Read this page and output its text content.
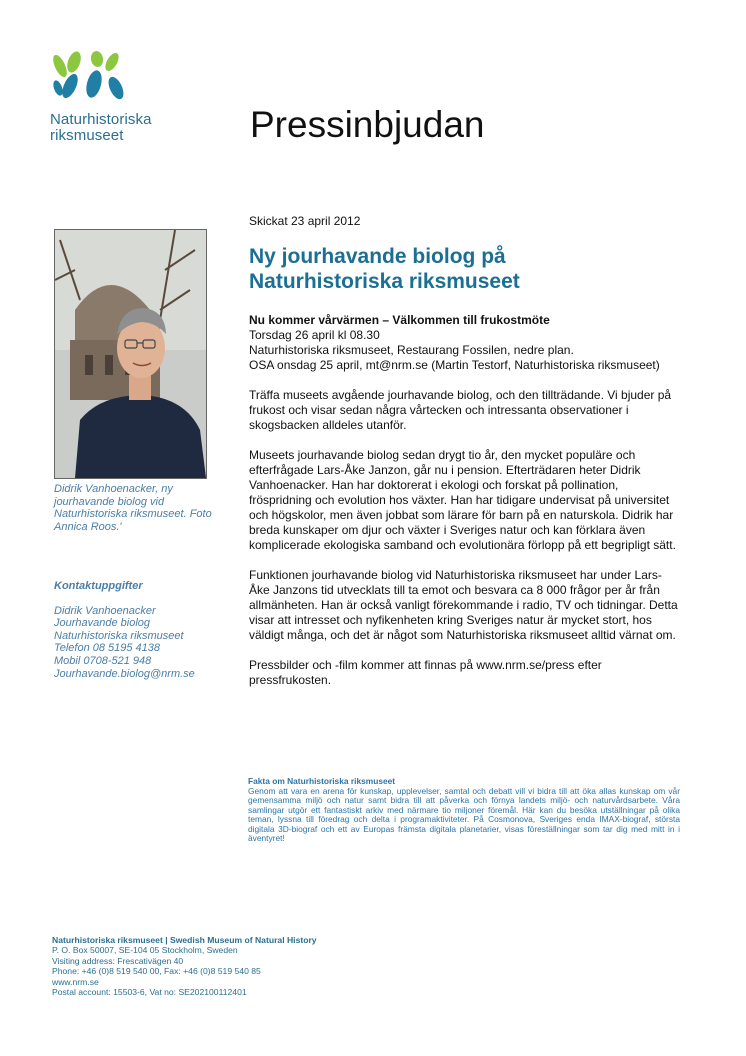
Naturhistoriska
riksmuseet	Pressinbjudan
Didrik Vanhoenacker, ny jourhavande biolog vid Naturhistoriska riksmuseet. Foto Annica Roos.'
Kontaktuppgifter
Didrik Vanhoenacker
Jourhavande biolog
Naturhistoriska riksmuseet
Telefon 08 5195 4138
Mobil 0708-521 948
Jourhavande.biolog@nrm.se

Skickat 23 april 2012

Ny jourhavande biolog på
Naturhistoriska riksmuseet

Nu kommer vårvärmen – Välkommen till frukostmöte
Torsdag 26 april kl 08.30
Naturhistoriska riksmuseet, Restaurang Fossilen, nedre plan.
OSA onsdag 25 april, mt@nrm.se (Martin Testorf, Naturhistoriska riksmuseet)

Träffa museets avgående jourhavande biolog, och den tillträdande. Vi bjuder på frukost och visar sedan några vårtecken och intressanta observationer i skogsbacken alldeles utanför.

Museets jourhavande biolog sedan drygt tio år, den mycket populäre och efterfrågade Lars-Åke Janzon, går nu i pension. Efterträdaren heter Didrik Vanhoenacker. Han har doktorerat i ekologi och forskat på pollination, fröspridning och evolution hos växter. Han har tidigare undervisat på universitet och högskolor, men även jobbat som lärare för barn på en naturskola. Didrik har breda kunskaper om djur och växter i Sveriges natur och kan förklara även komplicerade ekologiska samband och evolutionära förlopp på ett begripligt sätt.

Funktionen jourhavande biolog vid Naturhistoriska riksmuseet har under Lars-Åke Janzons tid utvecklats till ta emot och besvara ca 8 000 frågor per år från allmänheten. Han är också vanligt förekommande i radio, TV och tidningar. Detta visar att intresset och nyfikenheten kring Sveriges natur är mycket stort, hos väldigt många, och det är något som Naturhistoriska riksmuseet alltid värnat om.

Pressbilder och -film kommer att finnas på www.nrm.se/press efter pressfrukosten.

Fakta om Naturhistoriska riksmuseet
Genom att vara en arena för kunskap, upplevelser, samtal och debatt vill vi bidra till att öka allas kunskap om vår gemensamma miljö och natur samt bidra till att påverka och förnya landets miljö- och naturvårdsarbete. Våra samlingar utgör ett fantastiskt arkiv med närmare tio miljoner föremål. Här kan du besöka utställningar på olika teman, lyssna till föredrag och delta i programaktiviteter. På Cosmonova, Sveriges enda IMAX-biograf, största digitala 3D-biograf och ett av Europas främsta digitala planetarier, visas föreställningar som tar dig med mitt in i äventyret!
Naturhistoriska riksmuseet | Swedish Museum of Natural History
P. O. Box 50007, SE-104 05 Stockholm, Sweden
Visiting address: Frescativägen 40
Phone: +46 (0)8 519 540 00, Fax: +46 (0)8 519 540 85
www.nrm.se
Postal account: 15503-6, Vat no: SE202100112401
